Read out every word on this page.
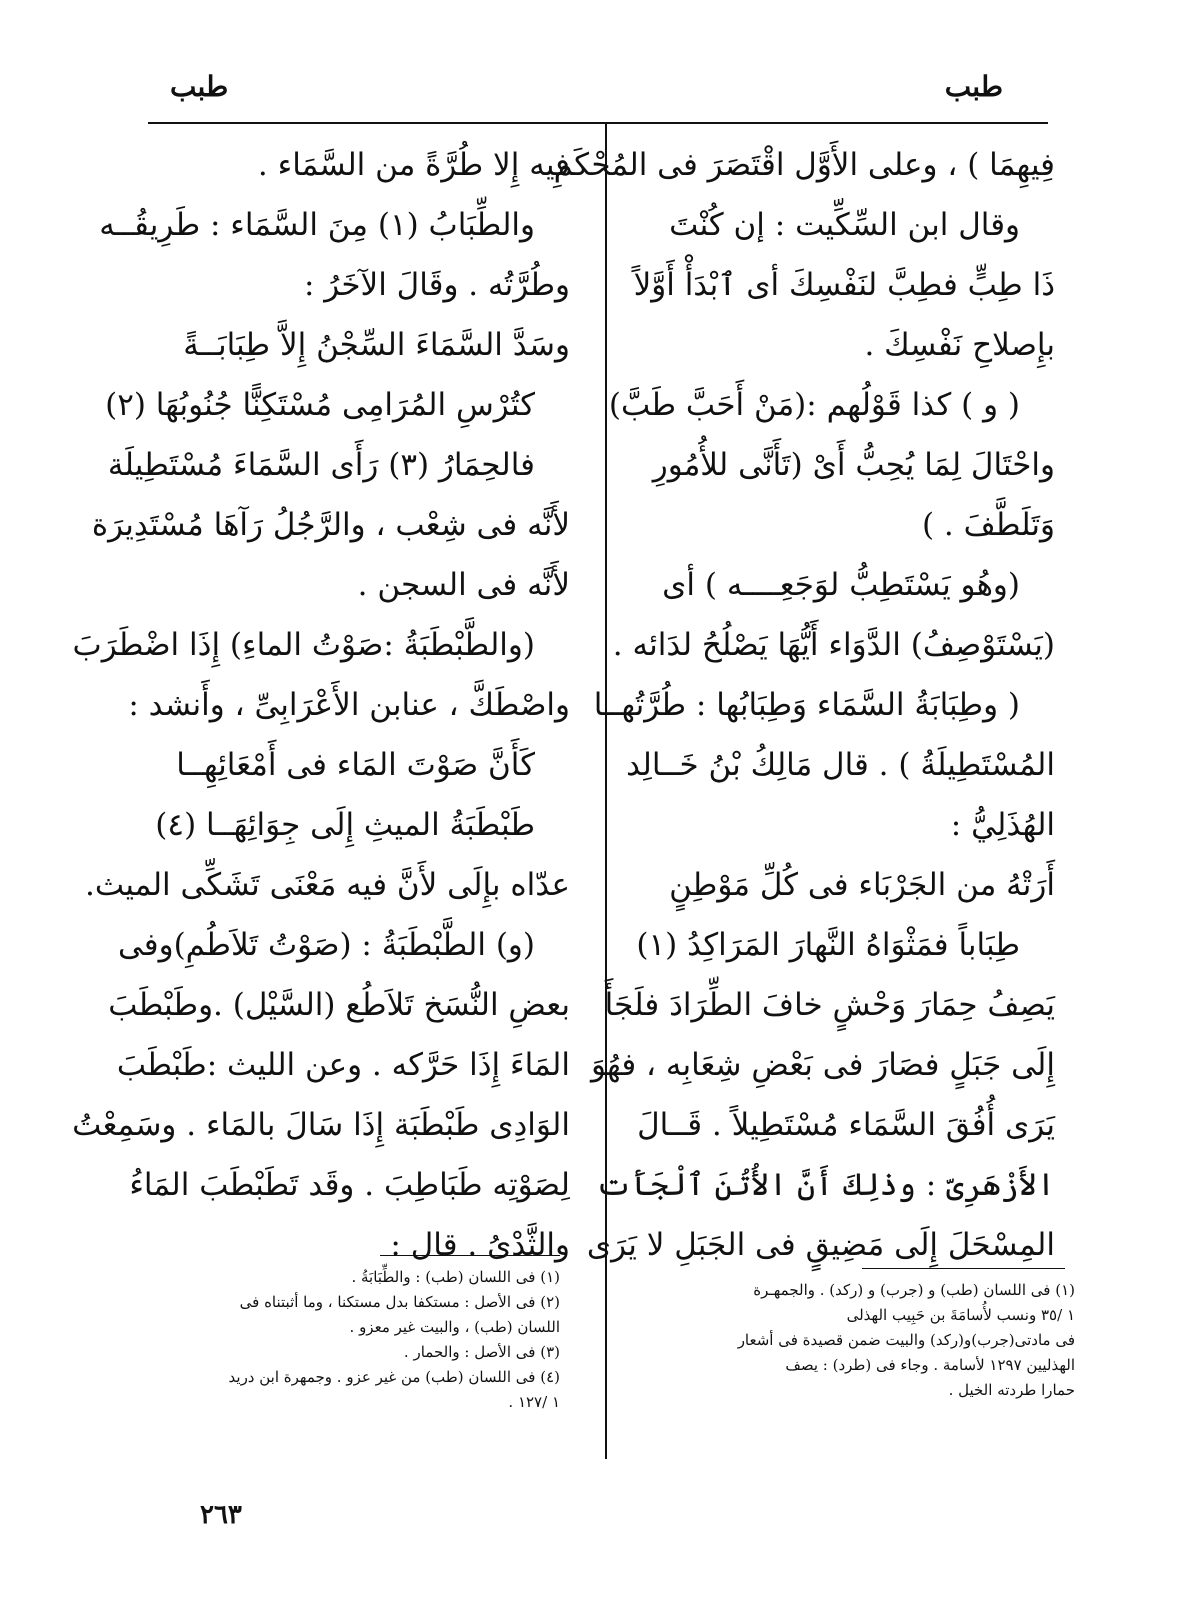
طبب
طبب
فِيهِمَا ) ، وعلى الأَوَّل اقْتَصَرَ فى المُحْكَمِ
وقال ابن السِّكِّيت : إن كُنْتَ
ذَا طِبٍّ فطِبَّ لنَفْسِكَ أى ٱبْدَأْ أَوَّلاً
بإِصلاحِ نَفْسِكَ .
( و ) كذا قَوْلُهم :(مَنْ أَحَبَّ طَبَّ)
واحْتَالَ لِمَا يُحِبُّ أَىْ (تَأَنَّى للأُمُورِ
وَتَلَطَّفَ . )
(وهُو يَسْتَطِبُّ لوَجَعِــــه ) أى
(يَسْتَوْصِفُ) الدَّوَاء أَيُّهَا يَصْلُحُ لدَائه .
( وطِبَابَةُ السَّمَاء وَطِبَابُها : طُرَّتُهــا
المُسْتَطِيلَةُ ) . قال مَالِكُ بْنُ خَــالِد
الهُذَلِيُّ :
أَرَتْهُ من الجَرْبَاء فى كُلِّ مَوْطِنٍ
طِبَاباً فمَثْوَاهُ النَّهارَ المَرَاكِدُ (١)
يَصِفُ حِمَارَ وَحْشٍ خافَ الطِّرَادَ فلَجَأَ
إِلَى جَبَلٍ فصَارَ فى بَعْضِ شِعَابِه ، فهُوَ
يَرَى أُفُقَ السَّمَاء مُسْتَطِيلاً . قَــالَ
الأَزْهَرِىّ : وذٰلِكَ أَنَّ الأُتُنَ ٱلْجَأَت
المِسْحَلَ إِلَى مَضِيقٍ فى الجَبَلِ لا يَرَى
فيه إِلا طُرَّةً من السَّمَاء .
والطِّبَابُ (١) مِنَ السَّمَاء : طَرِيقُــه
وطُرَّتُه . وقَالَ الآخَرُ :
وسَدَّ السَّمَاءَ السِّجْنُ إِلاَّ طِبَابَــةً
كتُرْسِ المُرَامِى مُسْتَكِنًّا جُنُوبُهَا (٢)
فالحِمَارُ (٣) رَأَى السَّمَاءَ مُسْتَطِيلَة
لأَنَّه فى شِعْب ، والرَّجُلُ رَآهَا مُسْتَدِيرَة
لأَنَّه فى السجن .
(والطَّبْطَبَةُ :صَوْتُ الماءِ) إِذَا اضْطَرَبَ
واصْطَكَّ ، عنابن الأَعْرَابِىِّ ، وأَنشد :
كَأَنَّ صَوْتَ المَاء فى أَمْعَائِهِــا
طَبْطَبَةُ الميثِ إِلَى جِوَائِهَــا (٤)
عدّاه بإِلَى لأَنَّ فيه مَعْنَى تَشَكِّى الميث.
(و) الطَّبْطَبَةُ : (صَوْتُ تَلاَطُمِ)وفى
بعضِ النُّسَخ تَلاَطُع (السَّيْل) .وطَبْطَبَ
المَاءَ إِذَا حَرَّكه . وعن الليث :طَبْطَبَ
الوَادِى طَبْطَبَة إِذَا سَالَ بالمَاء . وسَمِعْتُ
لِصَوْتِه طَبَاطِبَ . وقَد تَطَبْطَبَ المَاءُ
والثَّدْىُ . قال :
(١) فى اللسان (طب) و (جرب) و (ركد) . والجمهـرة
١ /٣٥ ونسب لأُسامَةَ بن حَبِيب الهذلى
فى مادتى(جرب)و(ركد) والبيت ضمن قصيدة فى أشعار
الهذليين ١٢٩٧ لأسامة . وجاء فى (طرد) : يصف
حمارا طردته الخيل .
(١) فى اللسان (طب) : والطِّبَابَةُ .
(٢) فى الأصل : مستكفا بدل مستكنا ، وما أثبتناه فى
اللسان (طب) ، والبيت غير معزو .
(٣) فى الأصل : والحمار .
(٤) فى اللسان (طب) من غير عزو . وجمهرة ابن دريد
١ /١٢٧ .
٢٦٣
